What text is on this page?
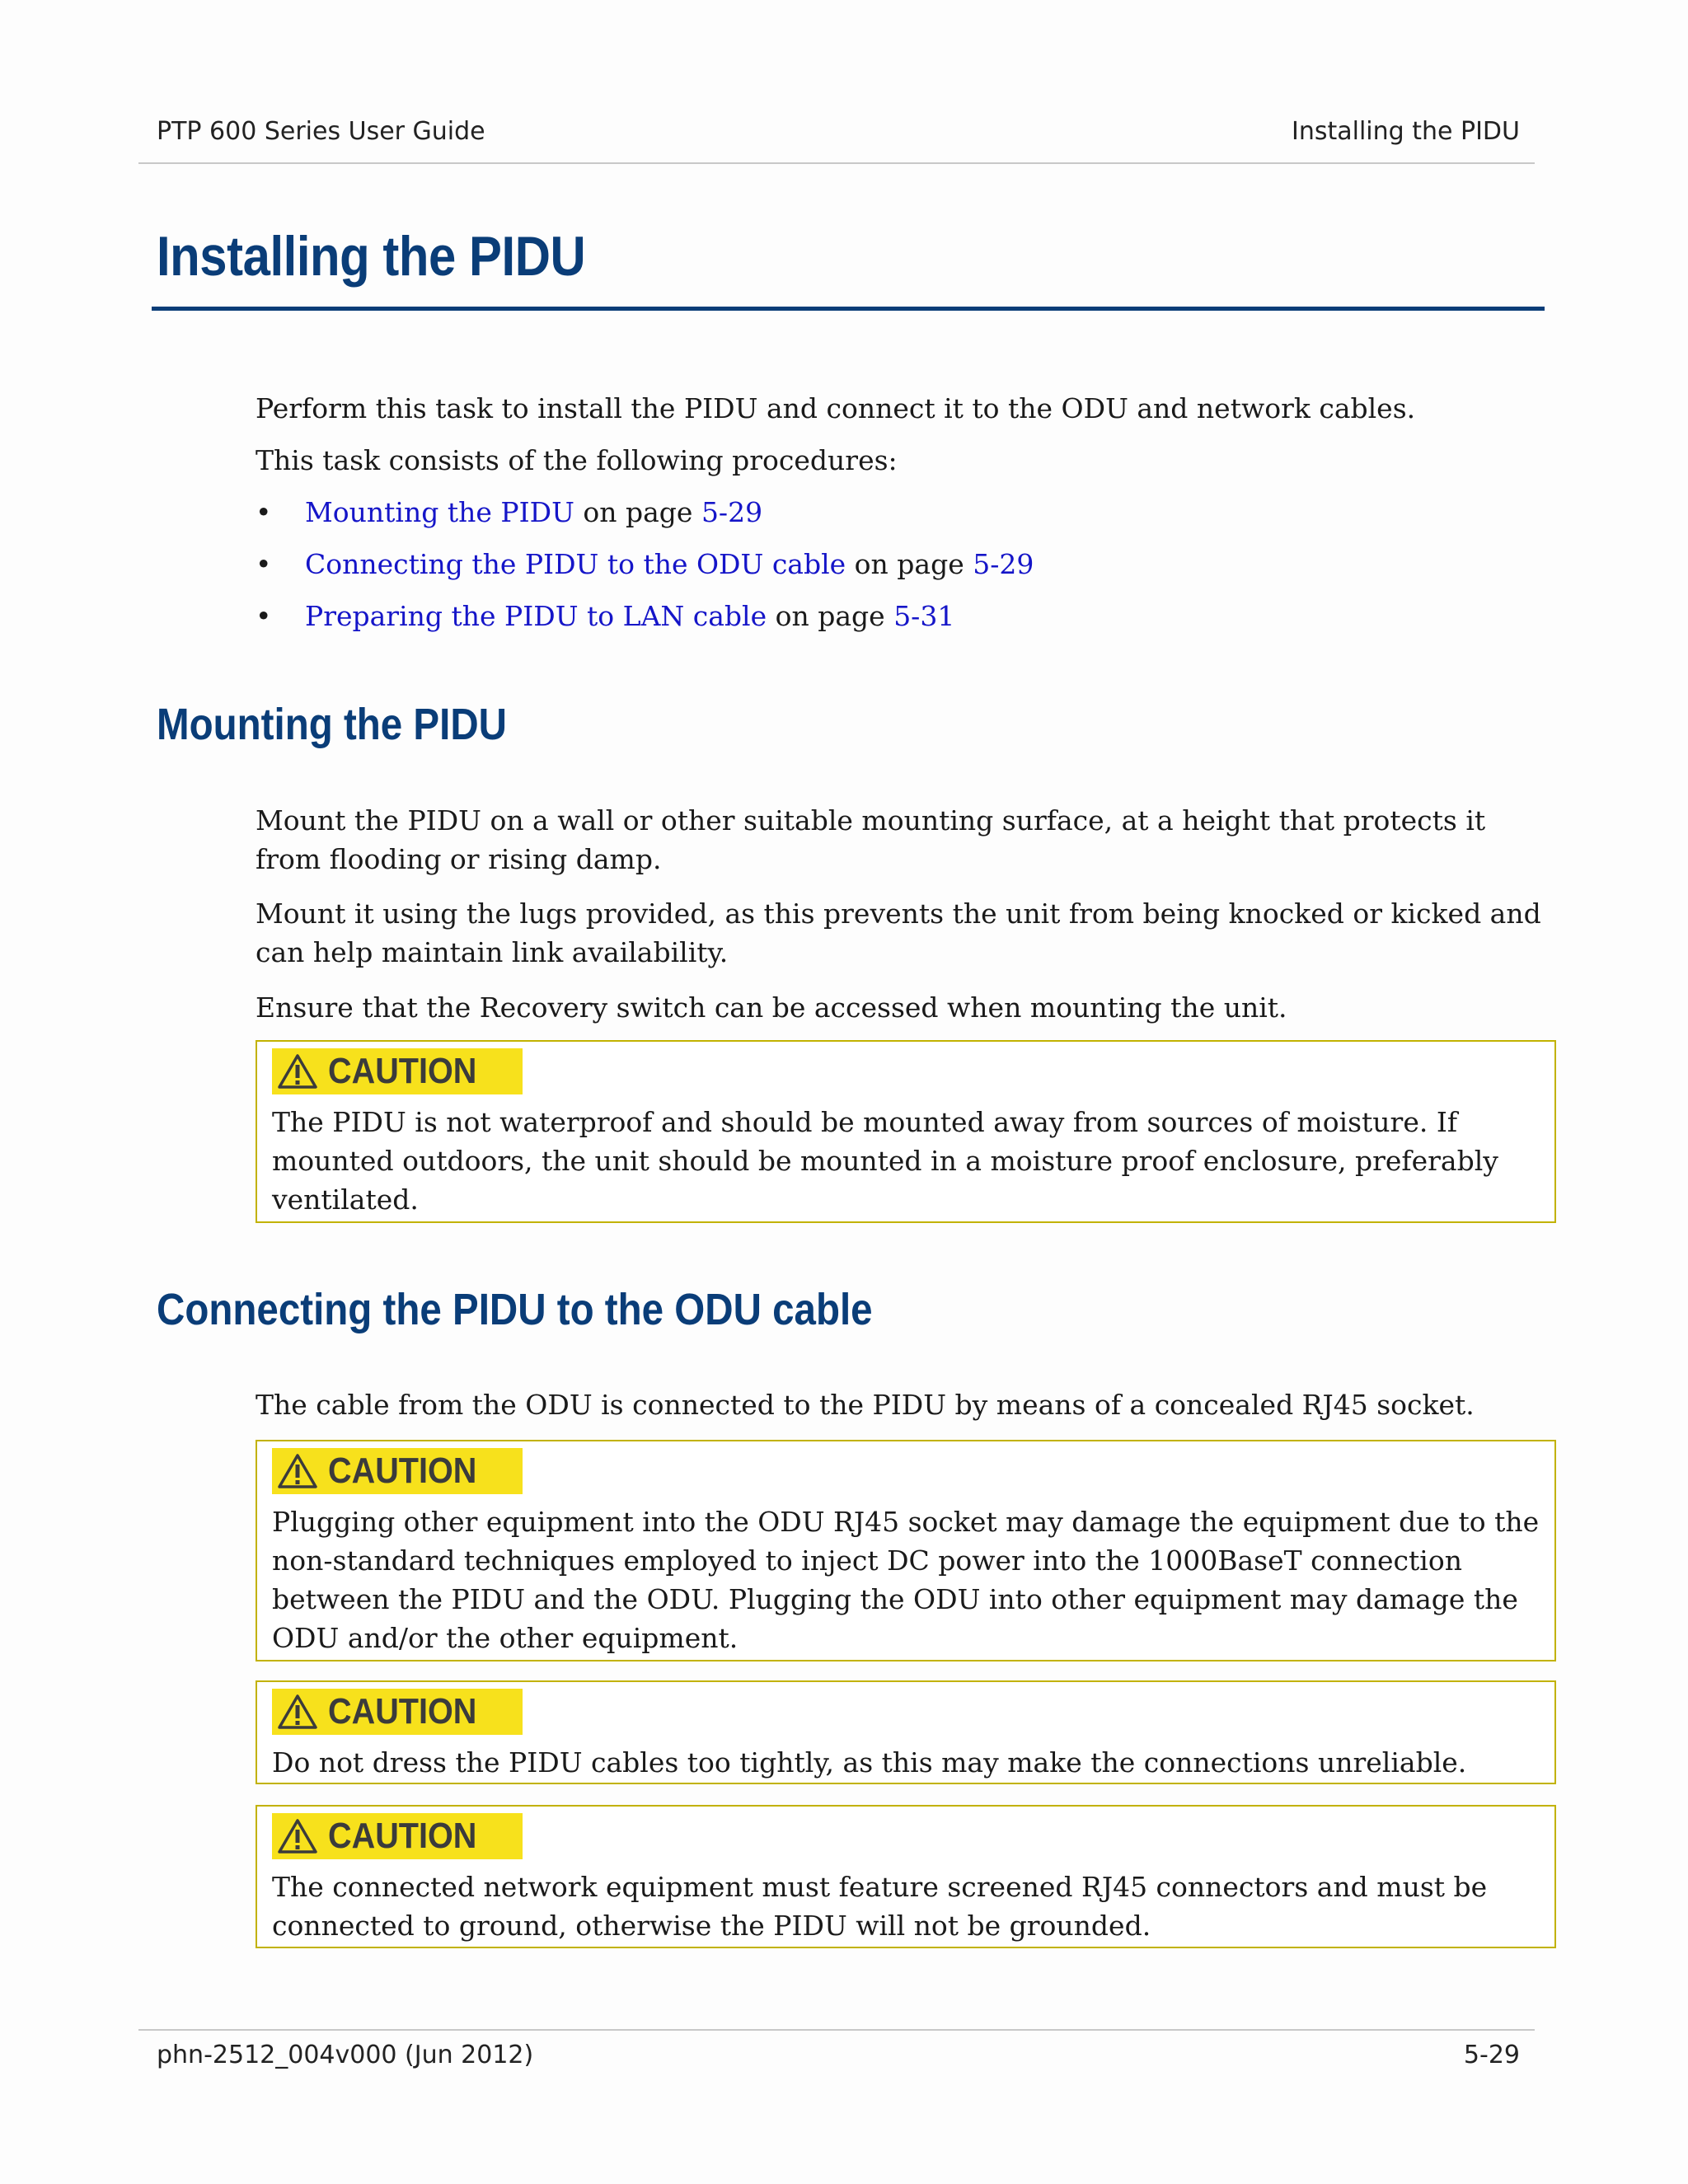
PTP 600 Series User Guide	Installing the PIDU
Installing the PIDU
Perform this task to install the PIDU and connect it to the ODU and network cables.
This task consists of the following procedures:
• Mounting the PIDU on page 5-29
• Connecting the PIDU to the ODU cable on page 5-29
• Preparing the PIDU to LAN cable on page 5-31
Mounting the PIDU
Mount the PIDU on a wall or other suitable mounting surface, at a height that protects it from flooding or rising damp.
Mount it using the lugs provided, as this prevents the unit from being knocked or kicked and can help maintain link availability.
Ensure that the Recovery switch can be accessed when mounting the unit.
CAUTION
The PIDU is not waterproof and should be mounted away from sources of moisture. If mounted outdoors, the unit should be mounted in a moisture proof enclosure, preferably ventilated.
Connecting the PIDU to the ODU cable
The cable from the ODU is connected to the PIDU by means of a concealed RJ45 socket.
CAUTION
Plugging other equipment into the ODU RJ45 socket may damage the equipment due to the non-standard techniques employed to inject DC power into the 1000BaseT connection between the PIDU and the ODU. Plugging the ODU into other equipment may damage the ODU and/or the other equipment.
CAUTION
Do not dress the PIDU cables too tightly, as this may make the connections unreliable.
CAUTION
The connected network equipment must feature screened RJ45 connectors and must be connected to ground, otherwise the PIDU will not be grounded.
phn-2512_004v000 (Jun 2012)	5-29
